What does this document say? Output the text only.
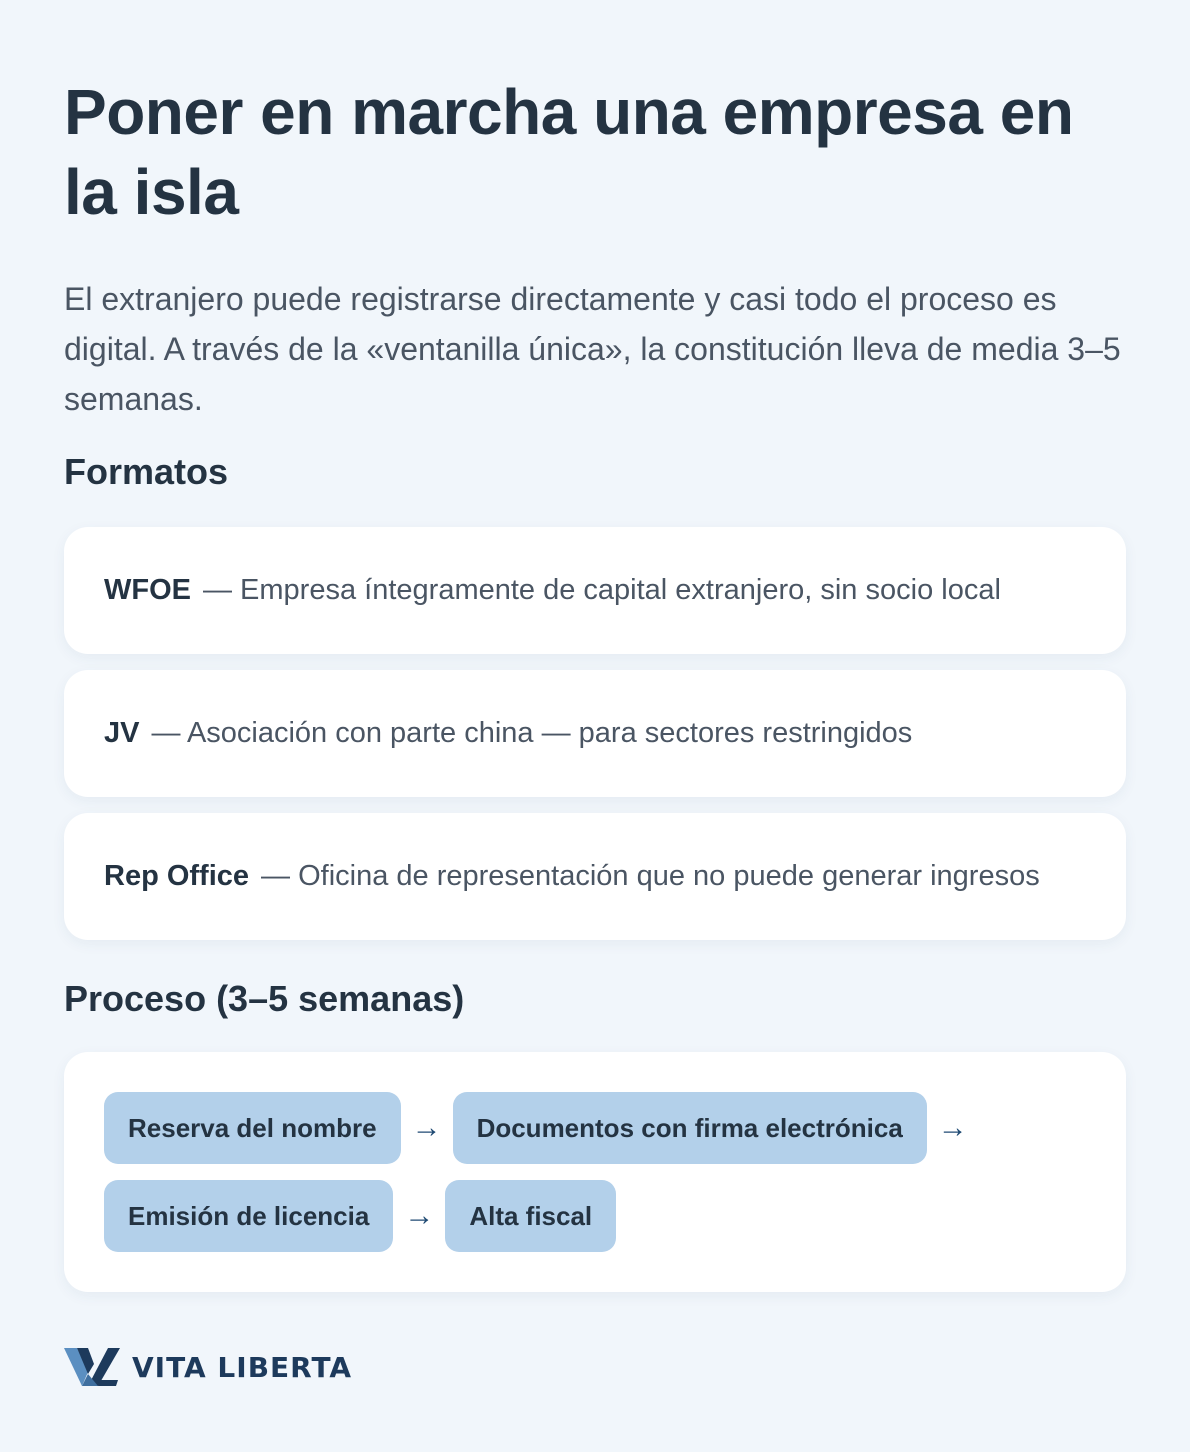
Poner en marcha una empresa en la isla

El extranjero puede registrarse directamente y casi todo el proceso es digital. A través de la «ventanilla única», la constitución lleva de media 3–5 semanas.

Formatos
WFOE — Empresa íntegramente de capital extranjero, sin socio local
JV — Asociación con parte china — para sectores restringidos
Rep Office — Oficina de representación que no puede generar ingresos
Proceso (3–5 semanas)
Reserva del nombre	→	Documentos con firma electrónica	→
Emisión de licencia	→	Alta fiscal
VITA LIBERTA
